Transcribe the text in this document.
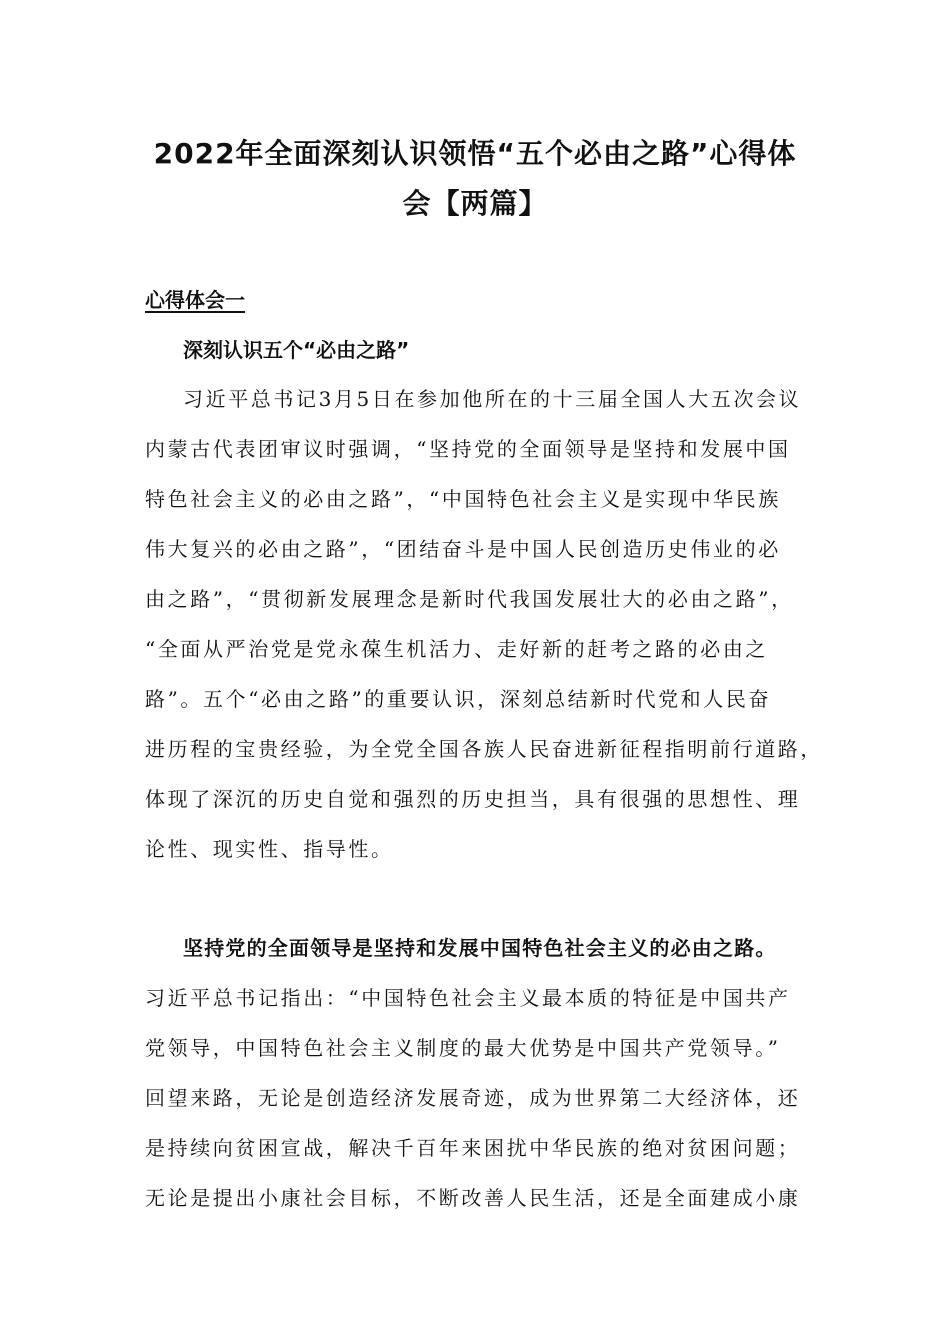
2022年全面深刻认识领悟“五个必由之路”心得体
会【两篇】

心得体会一

深刻认识五个“必由之路”

习近平总书记3月5日在参加他所在的十三届全国人大五次会议
内蒙古代表团审议时强调，“坚持党的全面领导是坚持和发展中国
特色社会主义的必由之路”，“中国特色社会主义是实现中华民族
伟大复兴的必由之路”，“团结奋斗是中国人民创造历史伟业的必
由之路”，“贯彻新发展理念是新时代我国发展壮大的必由之路”，
“全面从严治党是党永葆生机活力、走好新的赶考之路的必由之
路”。五个“必由之路”的重要认识，深刻总结新时代党和人民奋
进历程的宝贵经验，为全党全国各族人民奋进新征程指明前行道路，
体现了深沉的历史自觉和强烈的历史担当，具有很强的思想性、理
论性、现实性、指导性。
坚持党的全面领导是坚持和发展中国特色社会主义的必由之路。
习近平总书记指出：“中国特色社会主义最本质的特征是中国共产
党领导，中国特色社会主义制度的最大优势是中国共产党领导。”
回望来路，无论是创造经济发展奇迹，成为世界第二大经济体，还
是持续向贫困宣战，解决千百年来困扰中华民族的绝对贫困问题；
无论是提出小康社会目标，不断改善人民生活，还是全面建成小康
